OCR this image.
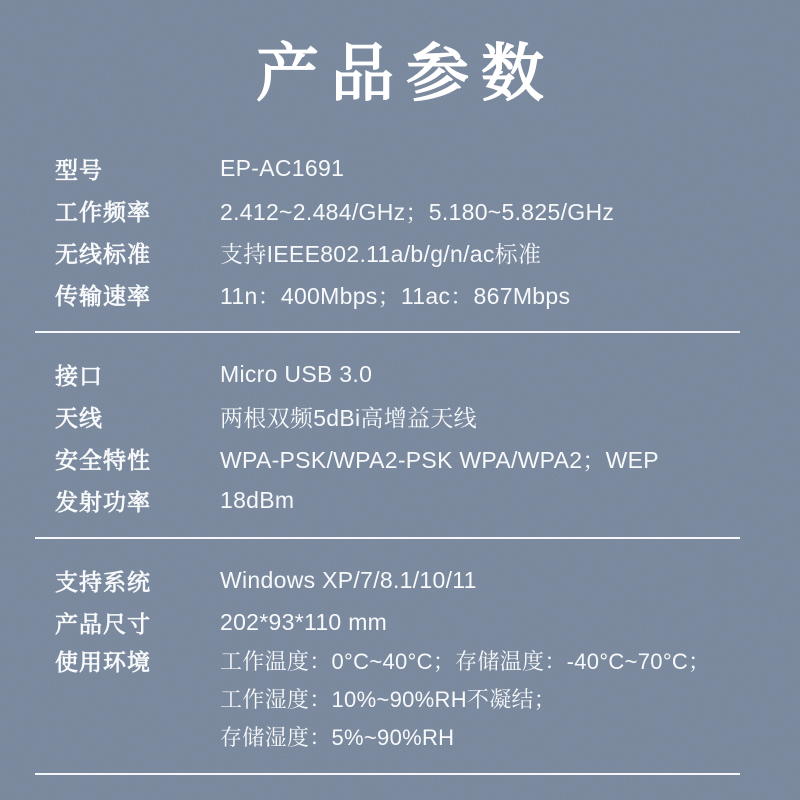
产品参数
型号	EP-AC1691
工作频率	2.412~2.484/GHz；5.180~5.825/GHz
无线标准	支持IEEE802.11a/b/g/n/ac标准
传输速率	11n：400Mbps；11ac：867Mbps
接口	Micro USB 3.0
天线	两根双频5dBi高增益天线
安全特性	WPA-PSK/WPA2-PSK WPA/WPA2；WEP
发射功率	18dBm
支持系统	Windows XP/7/8.1/10/11
产品尺寸	202*93*110 mm
使用环境	工作温度：0°C~40°C；存储温度：-40°C~70°C；
工作湿度：10%~90%RH不凝结；
存储湿度：5%~90%RH
